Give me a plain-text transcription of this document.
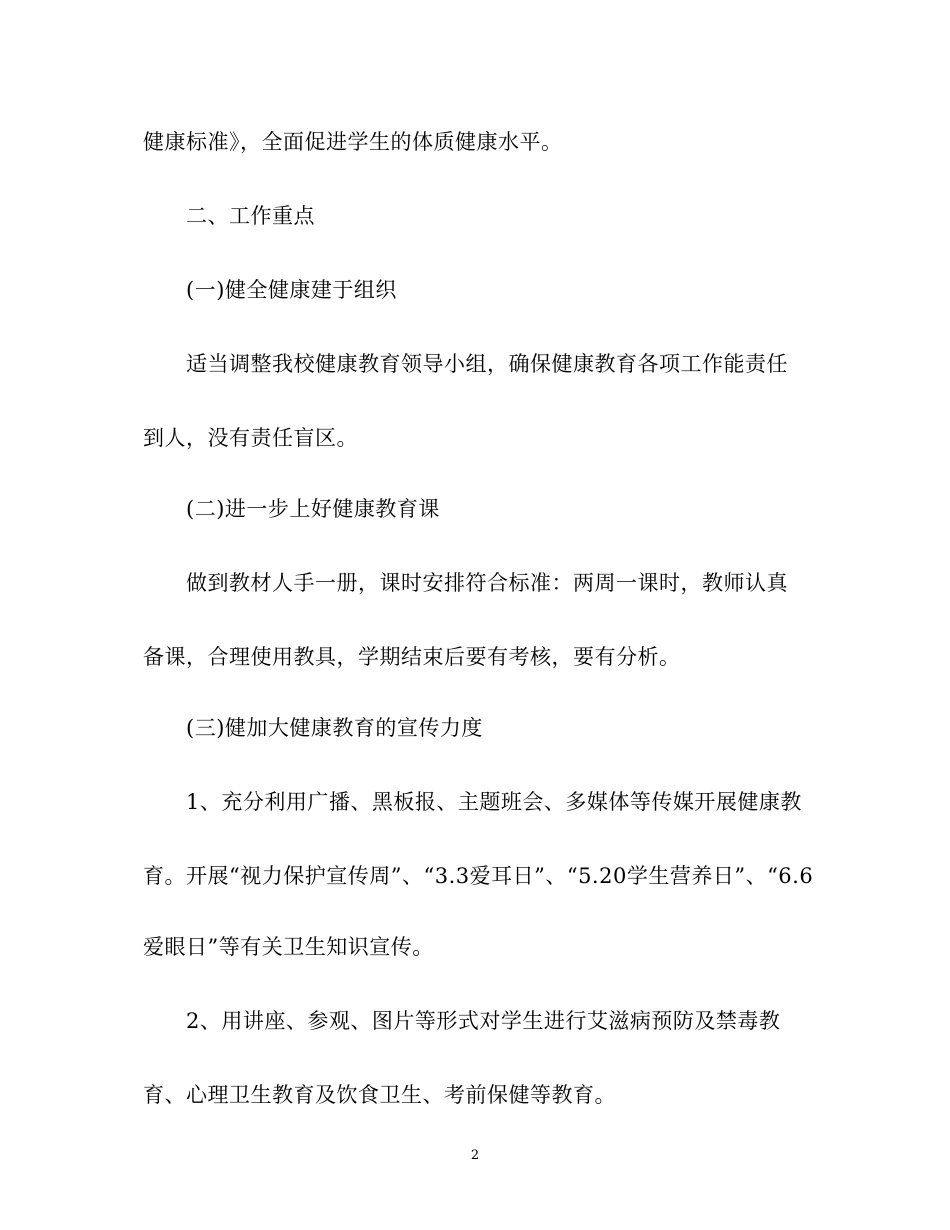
健康标准》，全面促进学生的体质健康水平。
二、工作重点
(一)健全健康建于组织
适当调整我校健康教育领导小组，确保健康教育各项工作能责任
到人，没有责任盲区。
(二)进一步上好健康教育课
做到教材人手一册，课时安排符合标准：两周一课时，教师认真
备课，合理使用教具，学期结束后要有考核，要有分析。
(三)健加大健康教育的宣传力度
1、充分利用广播、黑板报、主题班会、多媒体等传媒开展健康教
育。开展“视力保护宣传周”、“3.3爱耳日”、“5.20学生营养日”、“6.6
爱眼日”等有关卫生知识宣传。
2、用讲座、参观、图片等形式对学生进行艾滋病预防及禁毒教
育、心理卫生教育及饮食卫生、考前保健等教育。
2
